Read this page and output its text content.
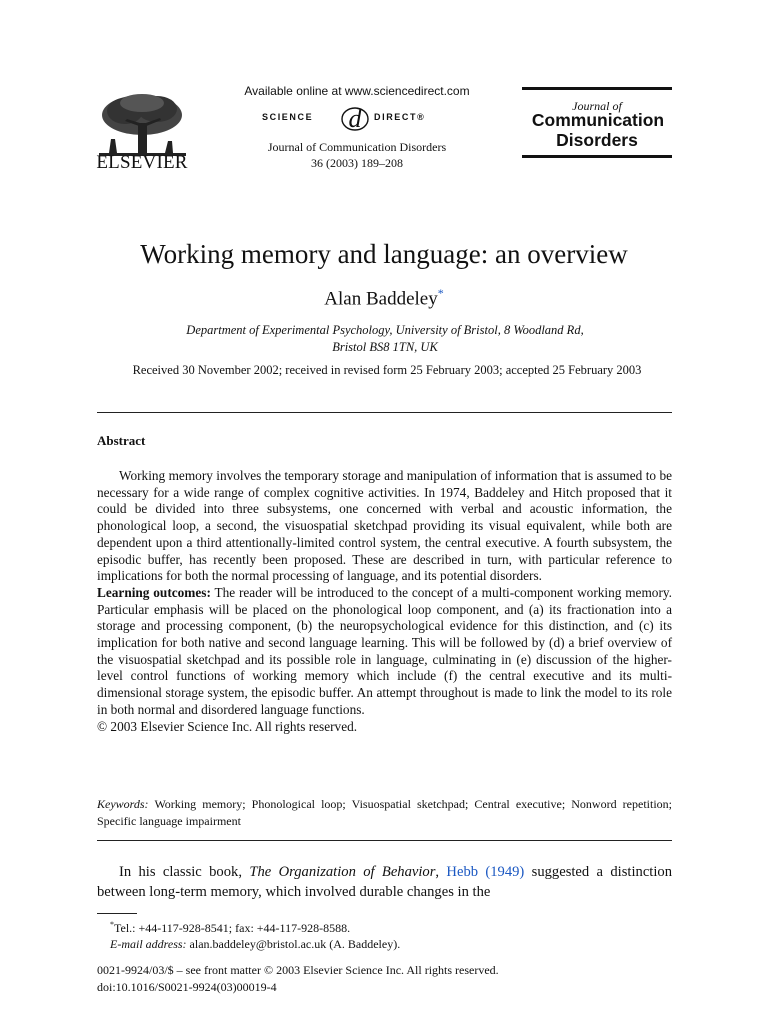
ELSEVIER
Available online at www.sciencedirect.com
SCIENCE d DIRECT®
Journal of Communication Disorders
36 (2003) 189–208
Journal of
Communication
Disorders
Working memory and language: an overview
Alan Baddeley*
Department of Experimental Psychology, University of Bristol, 8 Woodland Rd,
Bristol BS8 1TN, UK
Received 30 November 2002; received in revised form 25 February 2003; accepted 25 February 2003
Abstract

Working memory involves the temporary storage and manipulation of information that is assumed to be necessary for a wide range of complex cognitive activities. In 1974, Baddeley and Hitch proposed that it could be divided into three subsystems, one concerned with verbal and acoustic information, the phonological loop, a second, the visuospatial sketchpad providing its visual equivalent, while both are dependent upon a third attentionally-limited control system, the central executive. A fourth subsystem, the episodic buffer, has recently been proposed. These are described in turn, with particular reference to implications for both the normal processing of language, and its potential disorders.

Learning outcomes: The reader will be introduced to the concept of a multi-component working memory. Particular emphasis will be placed on the phonological loop component, and (a) its fractionation into a storage and processing component, (b) the neuropsychological evidence for this distinction, and (c) its implication for both native and second language learning. This will be followed by (d) a brief overview of the visuospatial sketchpad and its possible role in language, culminating in (e) discussion of the higher-level control functions of working memory which include (f) the central executive and its multi-dimensional storage system, the episodic buffer. An attempt throughout is made to link the model to its role in both normal and disordered language functions.

© 2003 Elsevier Science Inc. All rights reserved.

Keywords: Working memory; Phonological loop; Visuospatial sketchpad; Central executive; Nonword repetition; Specific language impairment
In his classic book, The Organization of Behavior, Hebb (1949) suggested a distinction between long-term memory, which involved durable changes in the
*Tel.: +44-117-928-8541; fax: +44-117-928-8588.
E-mail address: alan.baddeley@bristol.ac.uk (A. Baddeley).
0021-9924/03/$ – see front matter © 2003 Elsevier Science Inc. All rights reserved.
doi:10.1016/S0021-9924(03)00019-4
